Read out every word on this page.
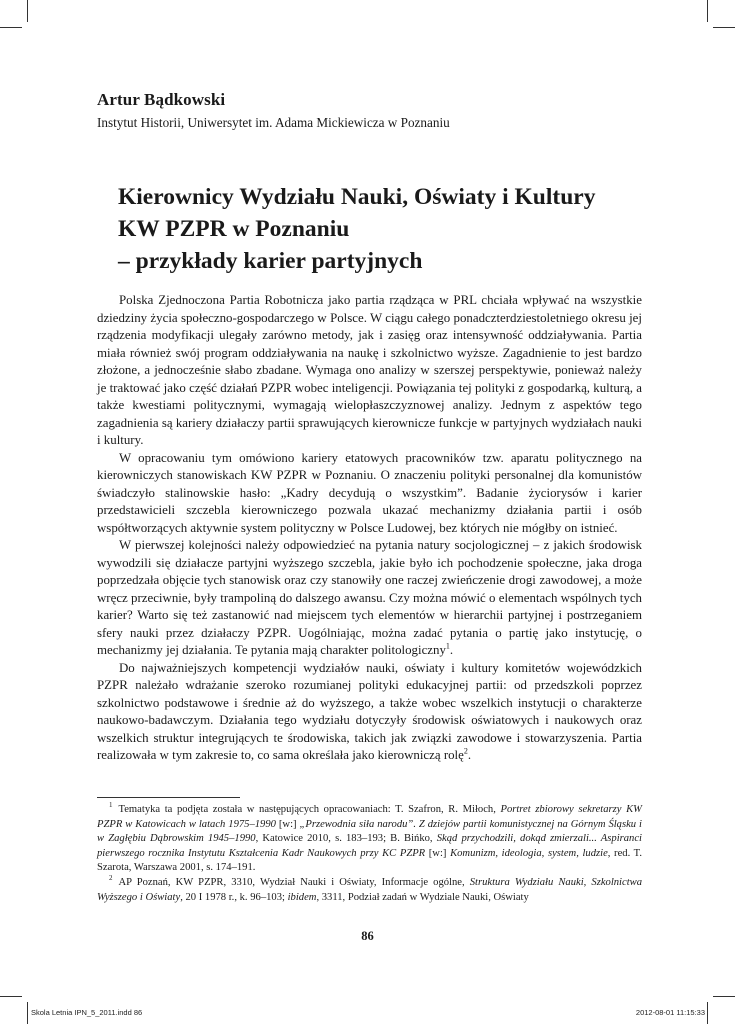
Artur Bądkowski
Instytut Historii, Uniwersytet im. Adama Mickiewicza w Poznaniu
Kierownicy Wydziału Nauki, Oświaty i Kultury
KW PZPR w Poznaniu
– przykłady karier partyjnych

Polska Zjednoczona Partia Robotnicza jako partia rządząca w PRL chciała wpływać na wszystkie dziedziny życia społeczno-gospodarczego w Polsce. W ciągu całego ponadczterdziestoletniego okresu jej rządzenia modyfikacji ulegały zarówno metody, jak i zasięg oraz intensywność oddziaływania. Partia miała również swój program oddziaływania na naukę i szkolnictwo wyższe. Zagadnienie to jest bardzo złożone, a jednocześnie słabo zbadane. Wymaga ono analizy w szerszej perspektywie, ponieważ należy je traktować jako część działań PZPR wobec inteligencji. Powiązania tej polityki z gospodarką, kulturą, a także kwestiami politycznymi, wymagają wielopłaszczyznowej analizy. Jednym z aspektów tego zagadnienia są kariery działaczy partii sprawujących kierownicze funkcje w partyjnych wydziałach nauki i kultury.

W opracowaniu tym omówiono kariery etatowych pracowników tzw. aparatu politycznego na kierowniczych stanowiskach KW PZPR w Poznaniu. O znaczeniu polityki personalnej dla komunistów świadczyło stalinowskie hasło: „Kadry decydują o wszystkim”. Badanie życiorysów i karier przedstawicieli szczebla kierowniczego pozwala ukazać mechanizmy działania partii i osób współtworzących aktywnie system polityczny w Polsce Ludowej, bez których nie mógłby on istnieć.

W pierwszej kolejności należy odpowiedzieć na pytania natury socjologicznej – z jakich środowisk wywodzili się działacze partyjni wyższego szczebla, jakie było ich pochodzenie społeczne, jaka droga poprzedzała objęcie tych stanowisk oraz czy stanowiły one raczej zwieńczenie drogi zawodowej, a może wręcz przeciwnie, były trampoliną do dalszego awansu. Czy można mówić o elementach wspólnych tych karier? Warto się też zastanowić nad miejscem tych elementów w hierarchii partyjnej i postrzeganiem sfery nauki przez działaczy PZPR. Uogólniając, można zadać pytania o partię jako instytucję, o mechanizmy jej działania. Te pytania mają charakter politologiczny$^1$.

Do najważniejszych kompetencji wydziałów nauki, oświaty i kultury komitetów wojewódzkich PZPR należało wdrażanie szeroko rozumianej polityki edukacyjnej partii: od przedszkoli poprzez szkolnictwo podstawowe i średnie aż do wyższego, a także wobec wszelkich instytucji o charakterze naukowo-badawczym. Działania tego wydziału dotyczyły środowisk oświatowych i naukowych oraz wszelkich struktur integrujących te środowiska, takich jak związki zawodowe i stowarzyszenia. Partia realizowała w tym zakresie to, co sama określała jako kierowniczą rolę$^2$.

$^1$ Tematyka ta podjęta została w następujących opracowaniach: T. Szafron, R. Miłoch, Portret zbiorowy sekretarzy KW PZPR w Katowicach w latach 1975–1990 [w:] „Przewodnia siła narodu”. Z dziejów partii komunistycznej na Górnym Śląsku i w Zagłębiu Dąbrowskim 1945–1990, Katowice 2010, s. 183–193; B. Bińko, Skąd przychodzili, dokąd zmierzali... Aspiranci pierwszego rocznika Instytutu Kształcenia Kadr Naukowych przy KC PZPR [w:] Komunizm, ideologia, system, ludzie, red. T. Szarota, Warszawa 2001, s. 174–191.

$^2$ AP Poznań, KW PZPR, 3310, Wydział Nauki i Oświaty, Informacje ogólne, Struktura Wydziału Nauki, Szkolnictwa Wyższego i Oświaty, 20 I 1978 r., k. 96–103; ibidem, 3311, Podział zadań w Wydziale Nauki, Oświaty

86
Skola Letnia IPN_5_2011.indd 86	2012-08-01 11:15:33
